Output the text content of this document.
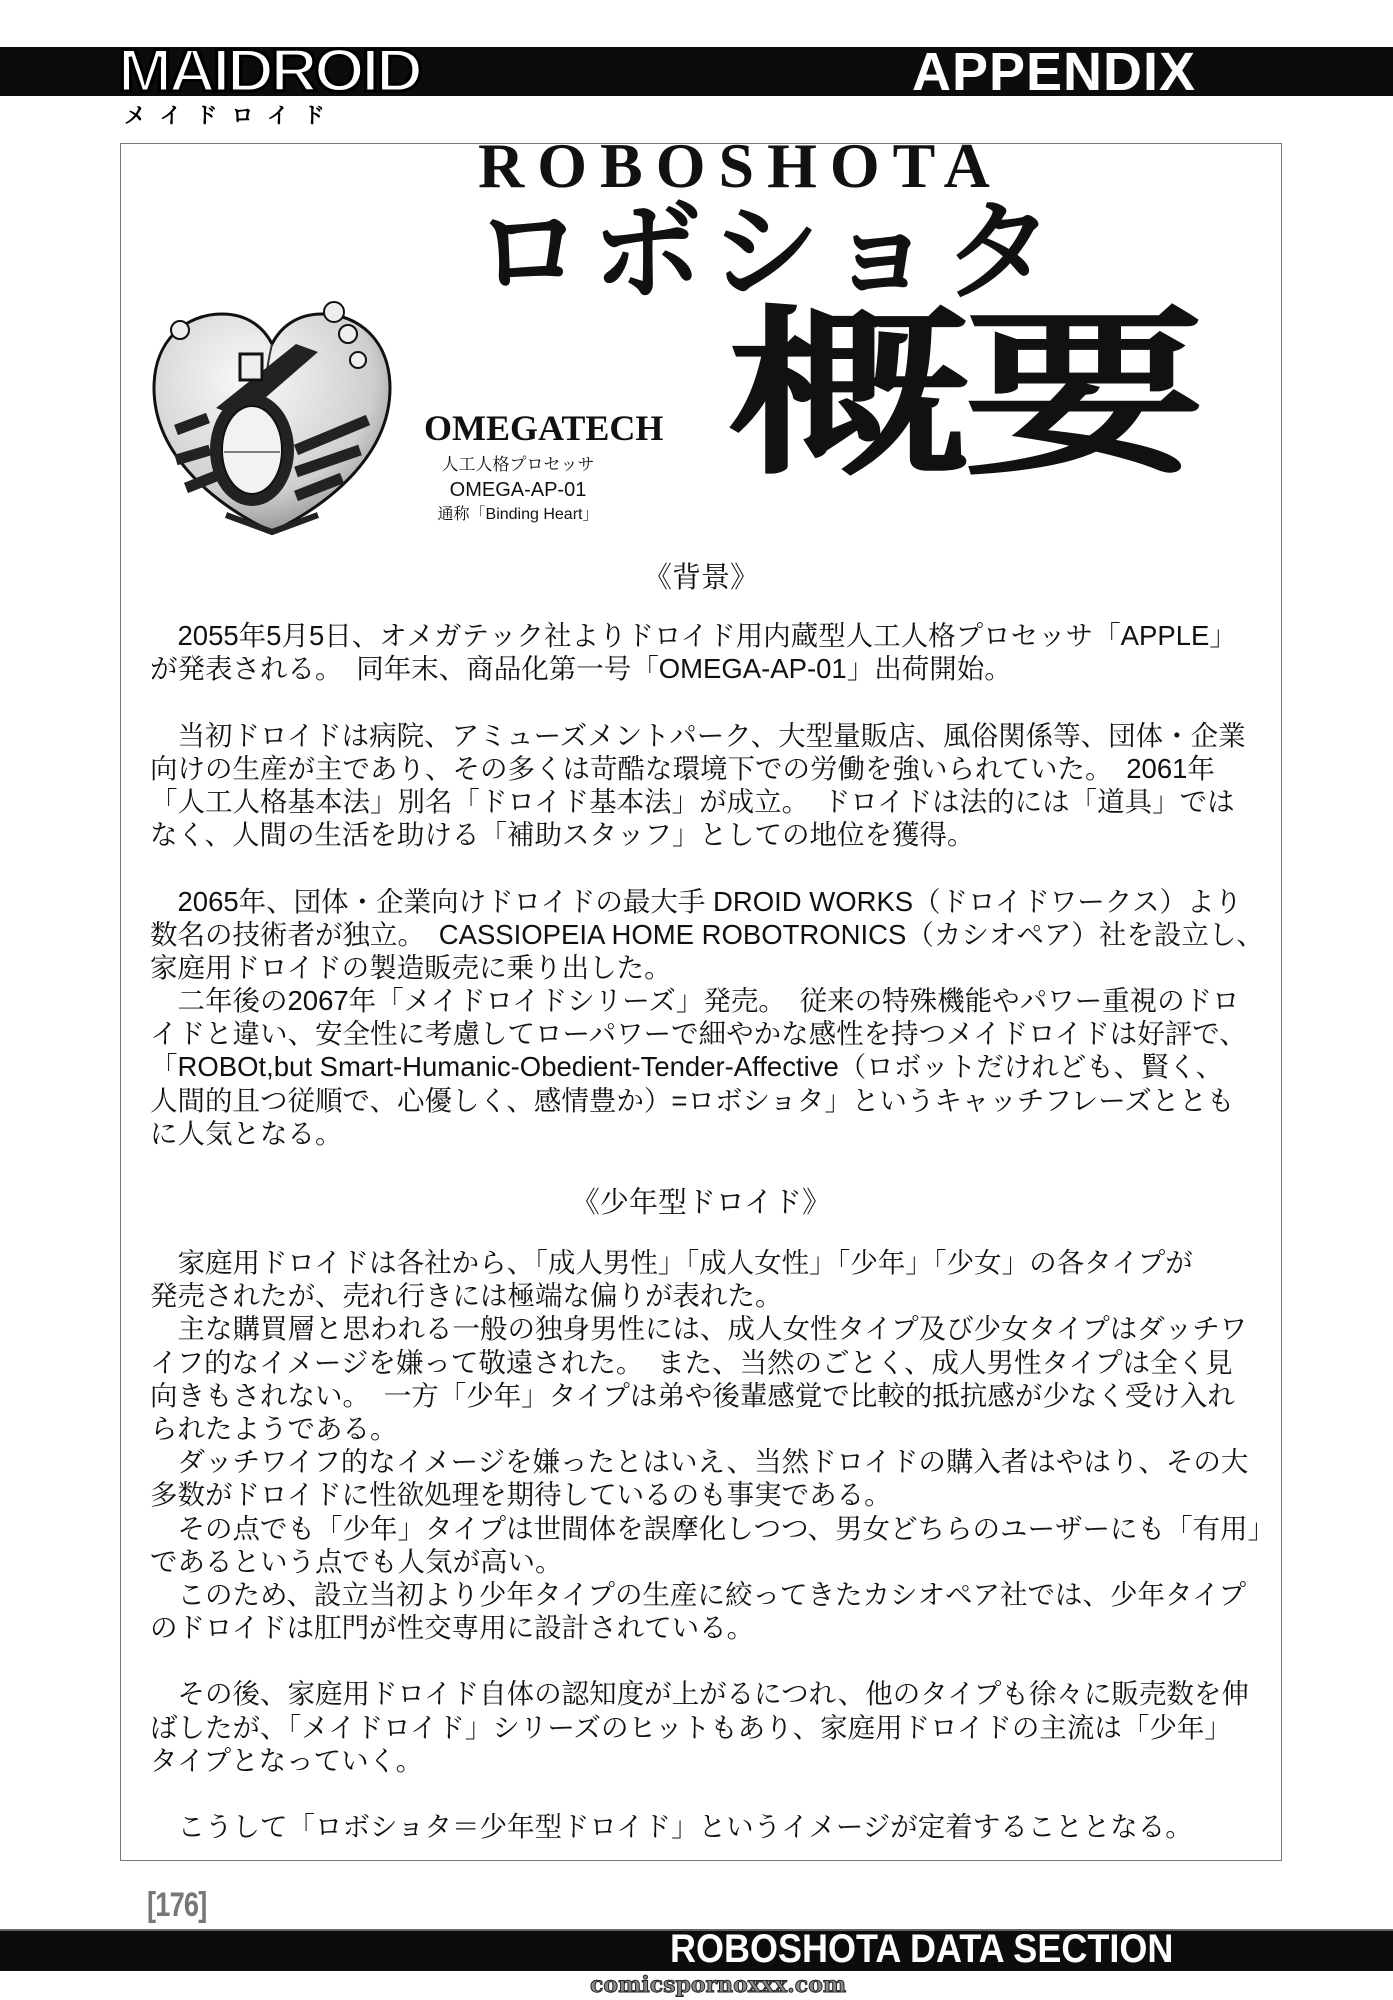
MAIDROID
メイドロイド
APPENDIX
ROBOSHOTA
ロボショタ
概要
OMEGATECH
人工人格プロセッサ
OMEGA-AP-01
通称「Binding Heart」
《背景》
　2055年5月5日、オメガテック社よりドロイド用内蔵型人工人格プロセッサ「APPLE」
が発表される。　同年末、商品化第一号「OMEGA-AP-01」出荷開始。
　当初ドロイドは病院、アミューズメントパーク、大型量販店、風俗関係等、団体・企業
向けの生産が主であり、その多くは苛酷な環境下での労働を強いられていた。　2061年
「人工人格基本法」別名「ドロイド基本法」が成立。　ドロイドは法的には「道具」では
なく、人間の生活を助ける「補助スタッフ」としての地位を獲得。
　2065年、団体・企業向けドロイドの最大手 DROID WORKS（ドロイドワークス）より
数名の技術者が独立。　CASSIOPEIA HOME ROBOTRONICS（カシオペア）社を設立し、
家庭用ドロイドの製造販売に乗り出した。
　二年後の2067年「メイドロイドシリーズ」発売。　従来の特殊機能やパワー重視のドロ
イドと違い、安全性に考慮してローパワーで細やかな感性を持つメイドロイドは好評で、
「ROBOt,but Smart-Humanic-Obedient-Tender-Affective（ロボットだけれども、賢く、
人間的且つ従順で、心優しく、感情豊か）=ロボショタ」というキャッチフレーズととも
に人気となる。
《少年型ドロイド》
　家庭用ドロイドは各社から、「成人男性」「成人女性」「少年」「少女」の各タイプが
発売されたが、売れ行きには極端な偏りが表れた。
　主な購買層と思われる一般の独身男性には、成人女性タイプ及び少女タイプはダッチワ
イフ的なイメージを嫌って敬遠された。　また、当然のごとく、成人男性タイプは全く見
向きもされない。　一方「少年」タイプは弟や後輩感覚で比較的抵抗感が少なく受け入れ
られたようである。
　ダッチワイフ的なイメージを嫌ったとはいえ、当然ドロイドの購入者はやはり、その大
多数がドロイドに性欲処理を期待しているのも事実である。
　その点でも「少年」タイプは世間体を誤摩化しつつ、男女どちらのユーザーにも「有用」
であるという点でも人気が高い。
　このため、設立当初より少年タイプの生産に絞ってきたカシオペア社では、少年タイプ
のドロイドは肛門が性交専用に設計されている。
　その後、家庭用ドロイド自体の認知度が上がるにつれ、他のタイプも徐々に販売数を伸
ばしたが、「メイドロイド」シリーズのヒットもあり、家庭用ドロイドの主流は「少年」
タイプとなっていく。
　こうして「ロボショタ＝少年型ドロイド」というイメージが定着することとなる。
[176]
ROBOSHOTA DATA SECTION
comicspornoxxx.com
